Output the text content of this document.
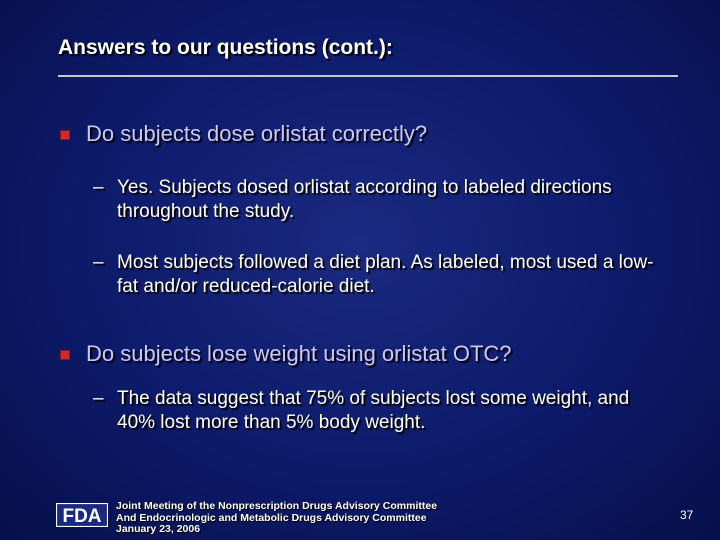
Answers to our questions (cont.):
Do subjects dose orlistat correctly?
– Yes. Subjects dosed orlistat according to labeled directions throughout the study.
– Most subjects followed a diet plan. As labeled, most used a low-fat and/or reduced-calorie diet.
Do subjects lose weight using orlistat OTC?
– The data suggest that 75% of subjects lost some weight, and 40% lost more than 5% body weight.
FDA Joint Meeting of the Nonprescription Drugs Advisory Committee
And Endocrinologic and Metabolic Drugs Advisory Committee
January 23, 2006
37
